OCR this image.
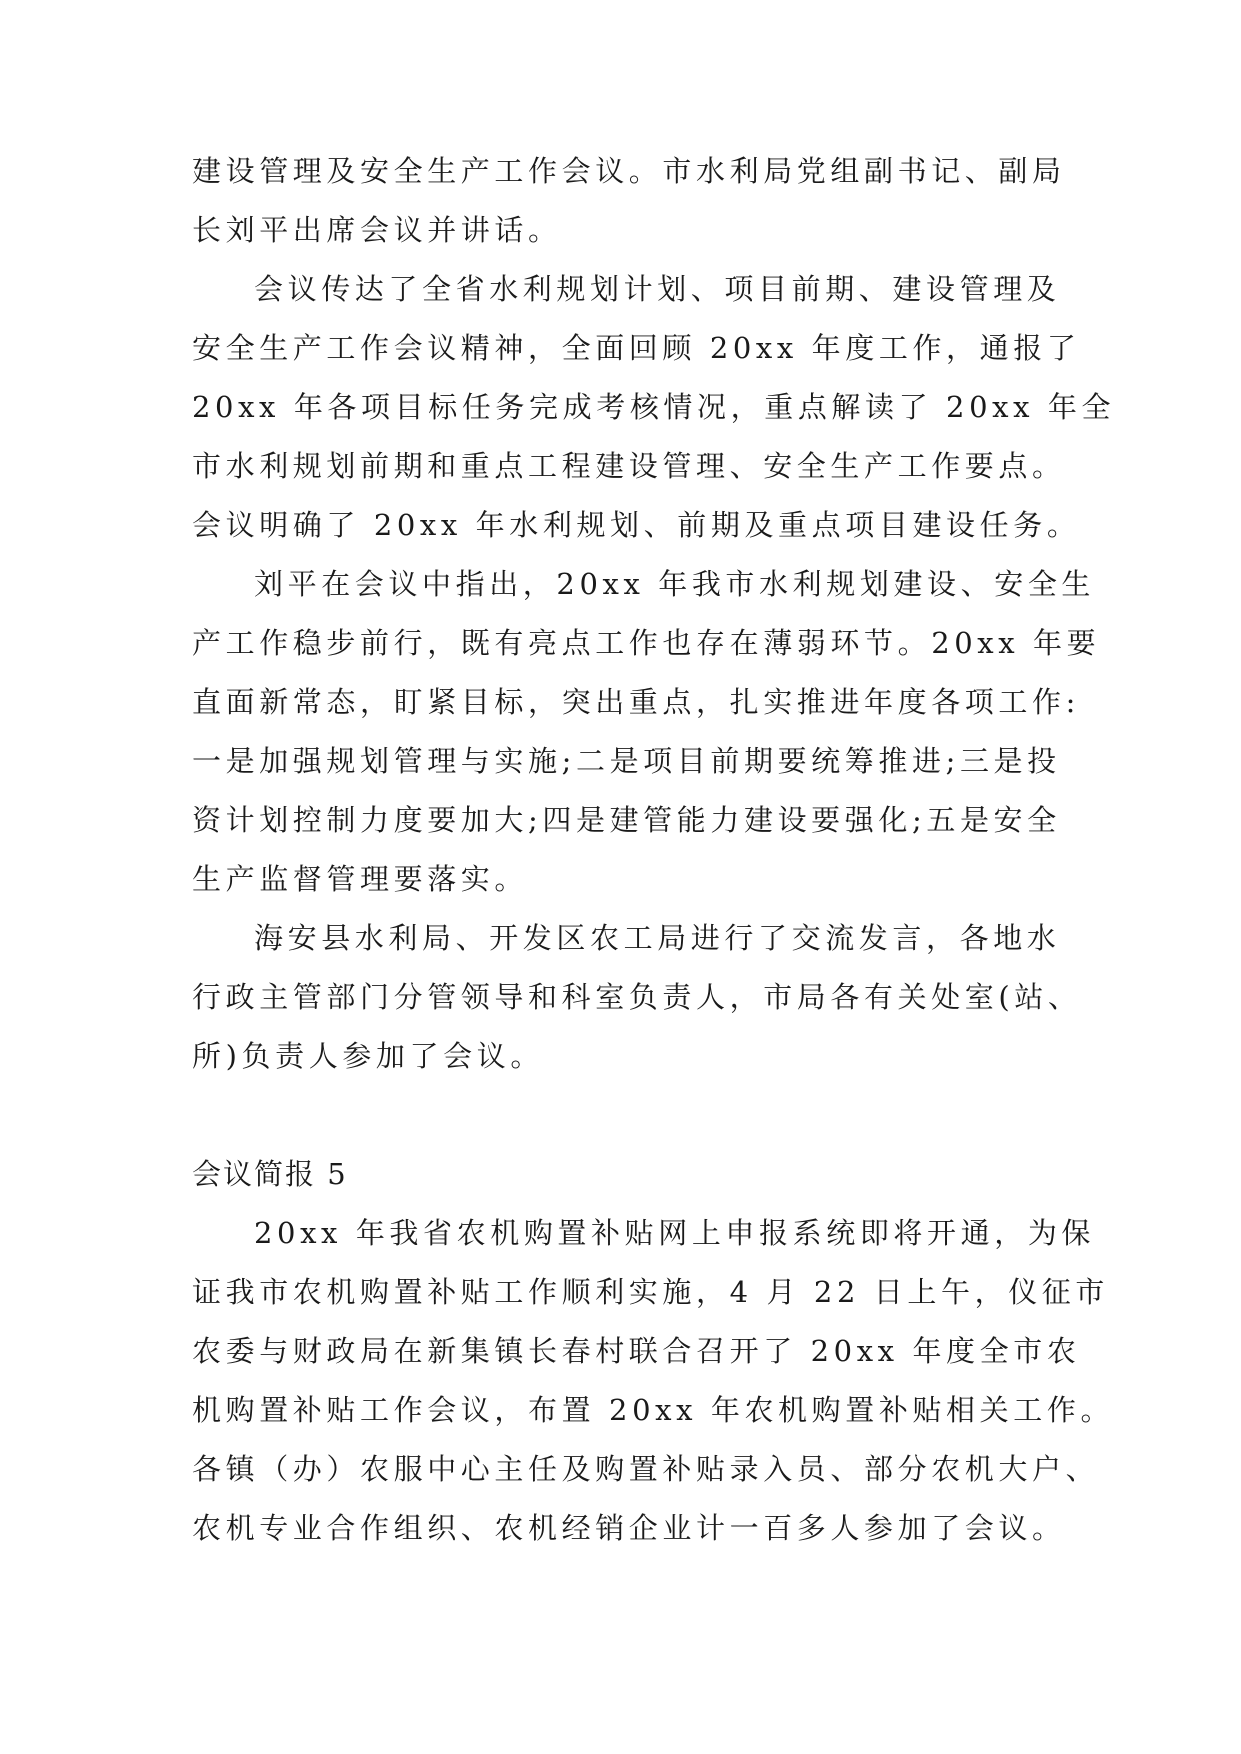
建设管理及安全生产工作会议。市水利局党组副书记、副局
长刘平出席会议并讲话。
会议传达了全省水利规划计划、项目前期、建设管理及
安全生产工作会议精神，全面回顾 20xx 年度工作，通报了
20xx 年各项目标任务完成考核情况，重点解读了 20xx 年全
市水利规划前期和重点工程建设管理、安全生产工作要点。
会议明确了 20xx 年水利规划、前期及重点项目建设任务。
刘平在会议中指出，20xx 年我市水利规划建设、安全生
产工作稳步前行，既有亮点工作也存在薄弱环节。20xx 年要
直面新常态，盯紧目标，突出重点，扎实推进年度各项工作:
一是加强规划管理与实施;二是项目前期要统筹推进;三是投
资计划控制力度要加大;四是建管能力建设要强化;五是安全
生产监督管理要落实。
海安县水利局、开发区农工局进行了交流发言，各地水
行政主管部门分管领导和科室负责人，市局各有关处室(站、
所)负责人参加了会议。
会议简报 5
20xx 年我省农机购置补贴网上申报系统即将开通，为保
证我市农机购置补贴工作顺利实施，4 月 22 日上午，仪征市
农委与财政局在新集镇长春村联合召开了 20xx 年度全市农
机购置补贴工作会议，布置 20xx 年农机购置补贴相关工作。
各镇（办）农服中心主任及购置补贴录入员、部分农机大户、
农机专业合作组织、农机经销企业计一百多人参加了会议。
